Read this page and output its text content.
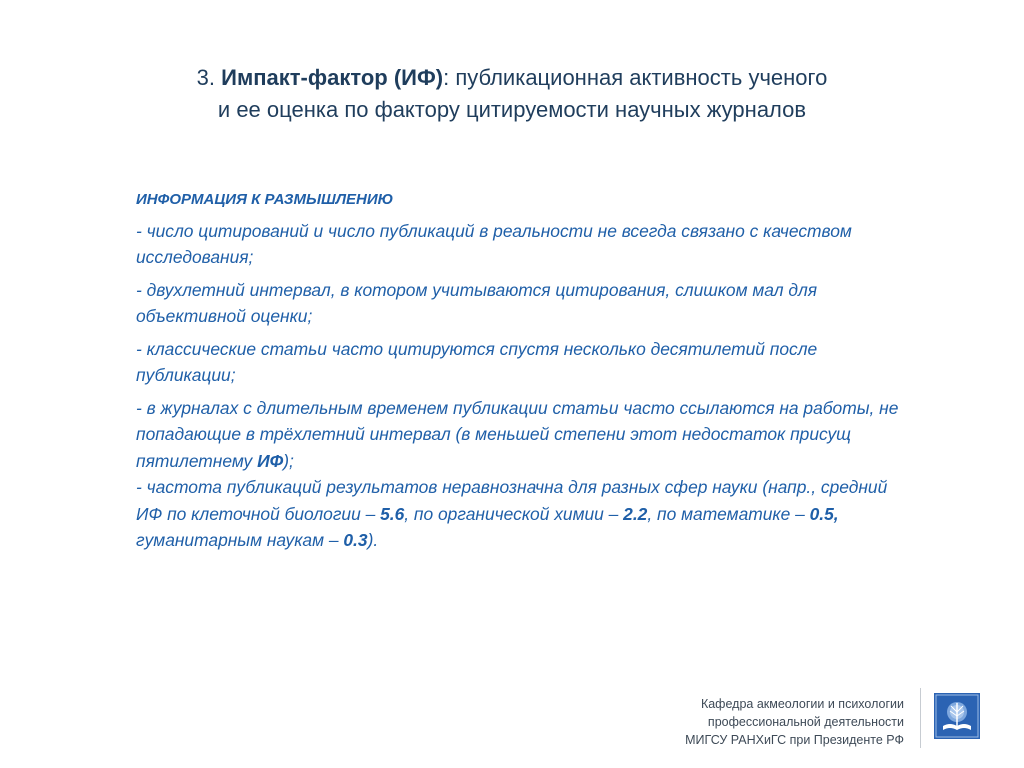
3. Импакт-фактор (ИФ): публикационная активность ученого
и ее оценка по фактору цитируемости научных журналов
ИНФОРМАЦИЯ К РАЗМЫШЛЕНИЮ
- число цитирований и число публикаций в реальности не всегда связано с качеством исследования;
- двухлетний интервал, в котором учитываются цитирования, слишком мал для объективной оценки;
- классические статьи часто цитируются спустя несколько десятилетий после публикации;
- в журналах с длительным временем публикации статьи часто ссылаются на работы, не попадающие в трёхлетний интервал (в меньшей степени этот недостаток присущ пятилетнему ИФ);
- частота публикаций результатов неравнозначна для разных сфер науки (напр., средний ИФ по клеточной биологии – 5.6, по органической химии – 2.2, по математике – 0.5, гуманитарным наукам – 0.3).
Кафедра акмеологии и психологии
профессиональной деятельности
МИГСУ РАНХиГС при Президенте РФ
